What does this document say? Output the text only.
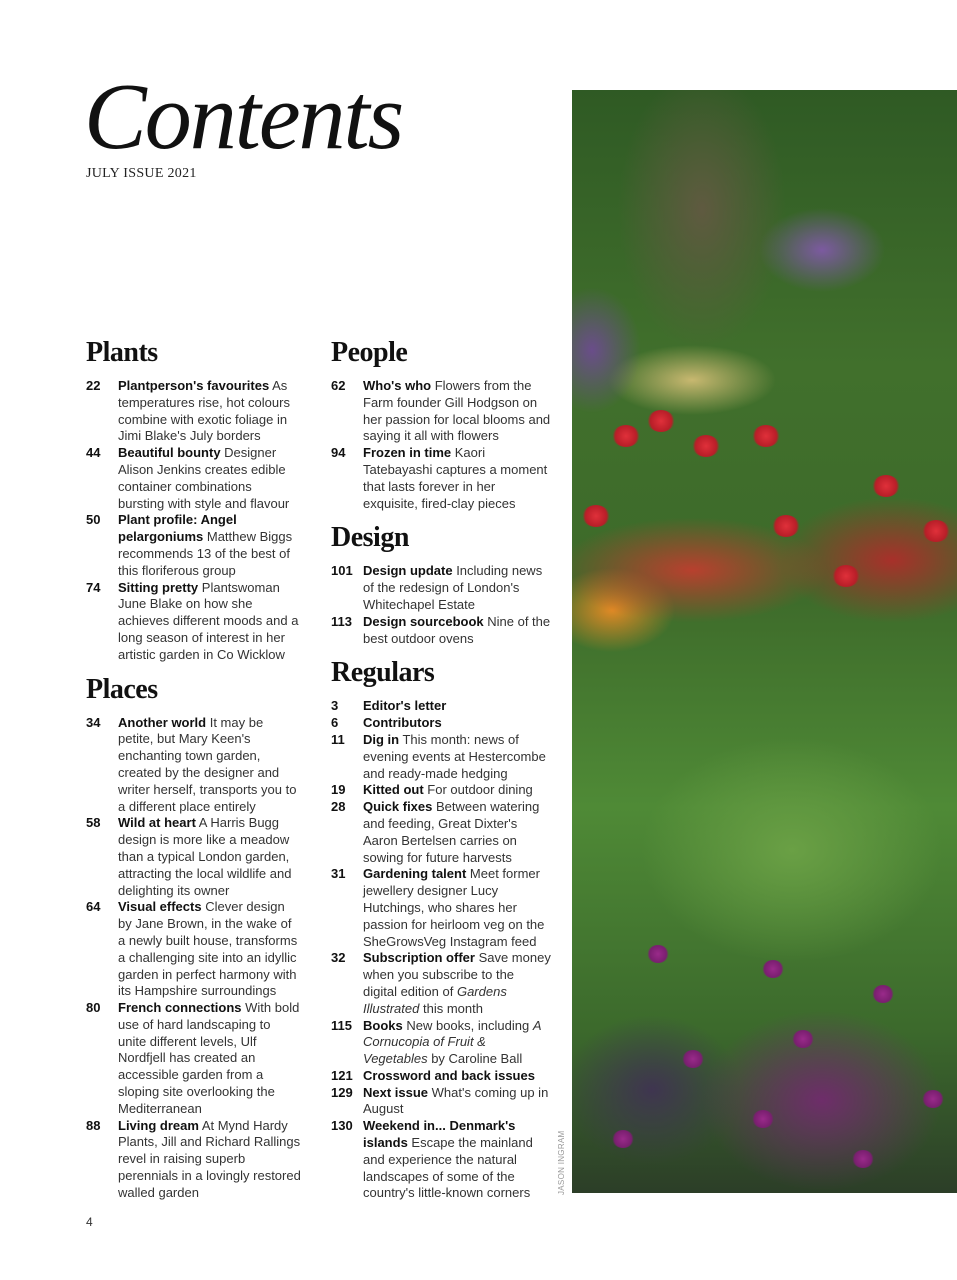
Contents
JULY ISSUE 2021
Plants
22	Plantperson's favourites As temperatures rise, hot colours combine with exotic foliage in Jimi Blake's July borders
44	Beautiful bounty Designer Alison Jenkins creates edible container combinations bursting with style and flavour
50	Plant profile: Angel pelargoniums Matthew Biggs recommends 13 of the best of this floriferous group
74	Sitting pretty Plantswoman June Blake on how she achieves different moods and a long season of interest in her artistic garden in Co Wicklow
Places
34	Another world It may be petite, but Mary Keen's enchanting town garden, created by the designer and writer herself, transports you to a different place entirely
58	Wild at heart A Harris Bugg design is more like a meadow than a typical London garden, attracting the local wildlife and delighting its owner
64	Visual effects Clever design by Jane Brown, in the wake of a newly built house, transforms a challenging site into an idyllic garden in perfect harmony with its Hampshire surroundings
80	French connections With bold use of hard landscaping to unite different levels, Ulf Nordfjell has created an accessible garden from a sloping site overlooking the Mediterranean
88	Living dream At Mynd Hardy Plants, Jill and Richard Rallings revel in raising superb perennials in a lovingly restored walled garden
People
62	Who's who Flowers from the Farm founder Gill Hodgson on her passion for local blooms and saying it all with flowers
94	Frozen in time Kaori Tatebayashi captures a moment that lasts forever in her exquisite, fired-clay pieces
Design
101 Design update Including news of the redesign of London's Whitechapel Estate
113 Design sourcebook Nine of the best outdoor ovens
Regulars
3	Editor's letter
6	Contributors
11	Dig in This month: news of evening events at Hestercombe and ready-made hedging
19	Kitted out For outdoor dining
28	Quick fixes Between watering and feeding, Great Dixter's Aaron Bertelsen carries on sowing for future harvests
31	Gardening talent Meet former jewellery designer Lucy Hutchings, who shares her passion for heirloom veg on the SheGrowsVeg Instagram feed
32	Subscription offer Save money when you subscribe to the digital edition of Gardens Illustrated this month
115 Books New books, including A Cornucopia of Fruit & Vegetables by Caroline Ball
121 Crossword and back issues
129 Next issue What's coming up in August
130 Weekend in... Denmark's islands Escape the mainland and experience the natural landscapes of some of the country's little-known corners	JASON INGRAM
4
